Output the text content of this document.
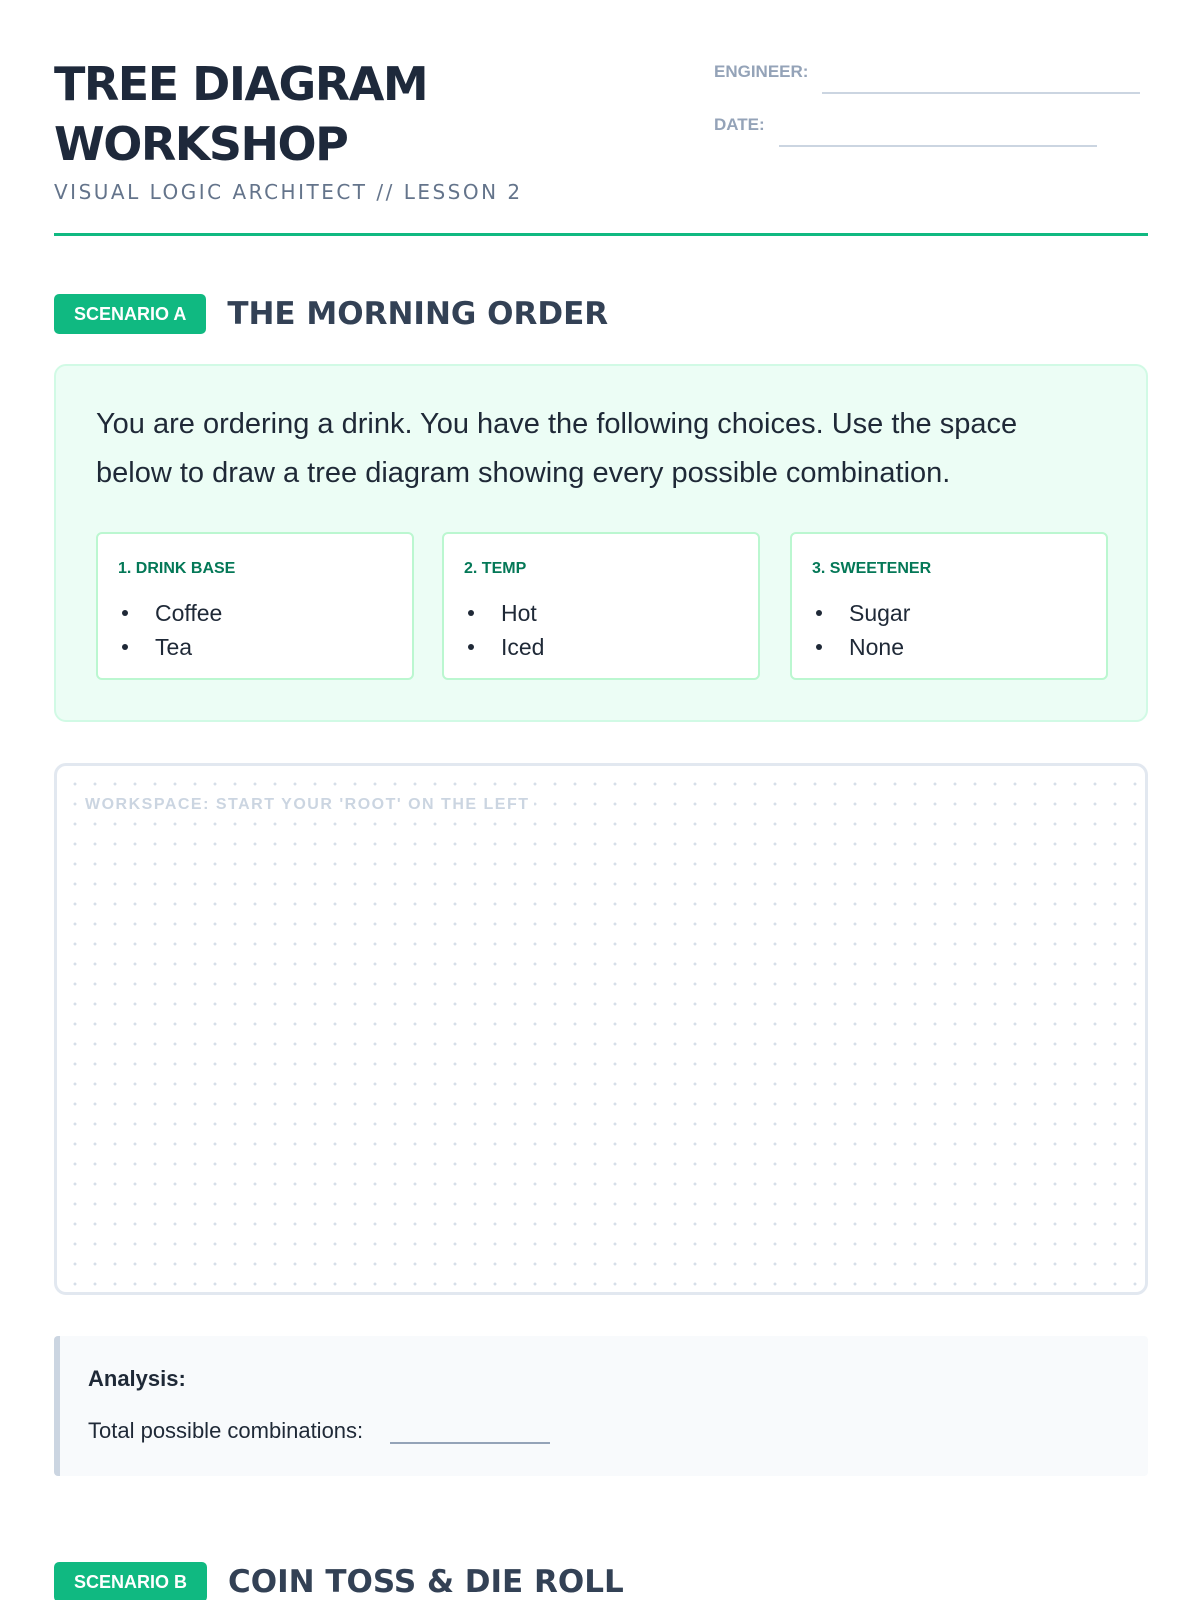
TREE DIAGRAM
WORKSHOP
VISUAL LOGIC ARCHITECT // LESSON 2
ENGINEER:
DATE:
SCENARIO A	THE MORNING ORDER

You are ordering a drink. You have the following choices. Use the space below to draw a tree diagram showing every possible combination.

1. DRINK BASE
Coffee
Tea
2. TEMP
Hot
Iced
3. SWEETENER
Sugar
None
WORKSPACE: START YOUR 'ROOT' ON THE LEFT
Analysis:
Total possible combinations:
SCENARIO B	COIN TOSS & DIE ROLL
